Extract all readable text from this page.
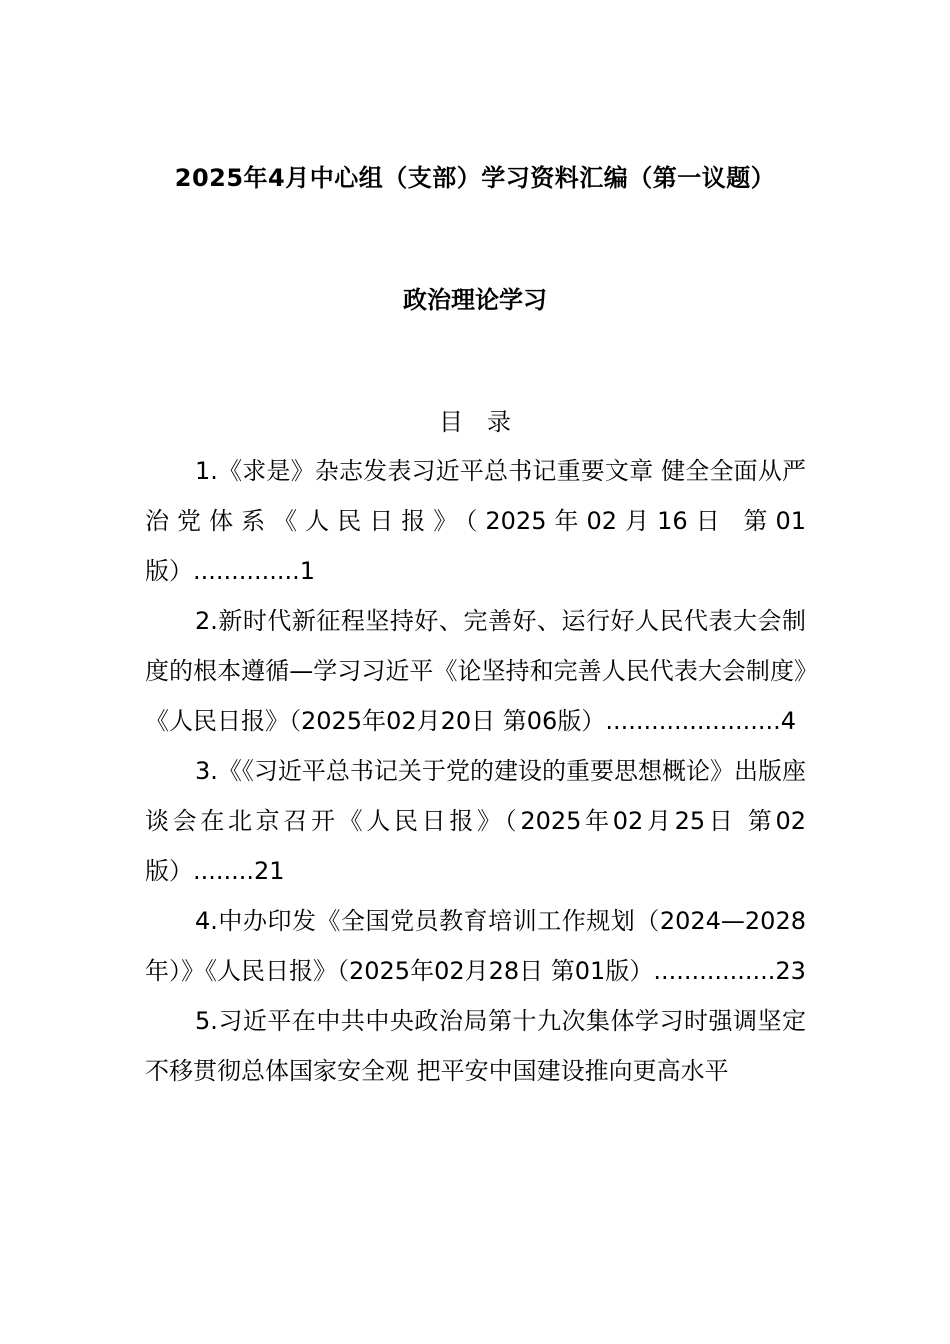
2025年4月中心组（支部）学习资料汇编（第一议题）
政治理论学习
目录
1.《求是》杂志发表习近平总书记重要文章 健全全面从严治党体系《人民日报》（2025年02月16日 第01版）..............1
2.新时代新征程坚持好、完善好、运行好人民代表大会制度的根本遵循—学习习近平《论坚持和完善人民代表大会制度》《人民日报》（2025年02月20日 第06版）.......................4
3.《《习近平总书记关于党的建设的重要思想概论》出版座谈会在北京召开《人民日报》（2025年02月25日 第02版）........21
4.中办印发《全国党员教育培训工作规划（2024—2028年）》《人民日报》（2025年02月28日 第01版）................23
5.习近平在中共中央政治局第十九次集体学习时强调坚定不移贯彻总体国家安全观 把平安中国建设推向更高水平
